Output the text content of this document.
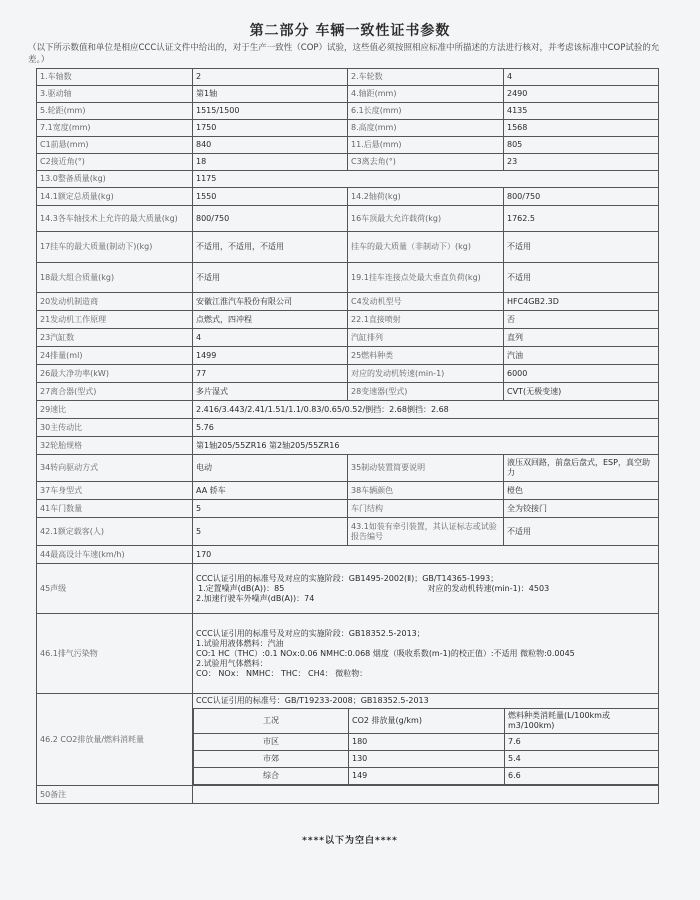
第二部分 车辆一致性证书参数
（以下所示数值和单位是相应CCC认证文件中给出的，对于生产一致性（COP）试验，这些值必须按照相应标准中所描述的方法进行核对，并考虑该标准中COP试验的允差。）
1.车轴数	2	2.车轮数	4
3.驱动轴	第1轴	4.轴距(mm)	2490
5.轮距(mm)	1515/1500	6.1长度(mm)	4135
7.1宽度(mm)	1750	8.高度(mm)	1568
C1前悬(mm)	840	11.后悬(mm)	805
C2接近角(°)	18	C3离去角(°)	23
13.0整备质量(kg)	1175
14.1额定总质量(kg)	1550	14.2轴荷(kg)	800/750
14.3各车轴技术上允许的最大质量(kg)	800/750	16车顶最大允许载荷(kg)	1762.5
17挂车的最大质量(制动下)(kg)	不适用，不适用，不适用	挂车的最大质量（非制动下）(kg)	不适用
18最大组合质量(kg)	不适用	19.1挂车连接点处最大垂直负荷(kg)	不适用
20发动机制造商	安徽江淮汽车股份有限公司	C4发动机型号	HFC4GB2.3D
21发动机工作原理	点燃式，四冲程	22.1直接喷射	否
23汽缸数	4	汽缸排列	直列
24排量(ml)	1499	25燃料种类	汽油
26最大净功率(kW)	77	对应的发动机转速(min-1)	6000
27离合器(型式)	多片湿式	28变速器(型式)	CVT(无极变速)
29速比	2.416/3.443/2.41/1.51/1.1/0.83/0.65/0.52/倒挡：2.68倒挡：2.68
30主传动比	5.76
32轮胎规格	第1轴205/55ZR16 第2轴205/55ZR16
34转向驱动方式	电动	35制动装置简要说明	液压双回路，前盘后盘式，ESP，真空助力
37车身型式	AA 轿车	38车辆颜色	橙色
41车门数量	5	车门结构	全为铰接门
42.1额定载客(人)	5	43.1如装有牵引装置，其认证标志或试验报告编号	不适用
44最高设计车速(km/h)	170
45声级	
CCC认证引用的标准号及对应的实施阶段：GB1495-2002(Ⅱ)；GB/T14365-1993；
1.定置噪声(dB(A))：85	对应的发动机转速(min-1)：4503
2.加速行驶车外噪声(dB(A))：74

46.1排气污染物	
CCC认证引用的标准号及对应的实施阶段：GB18352.5-2013；
1.试验用液体燃料：汽油
CO:1 HC（THC）:0.1 NOx:0.06 NMHC:0.068 烟度（吸收系数(m-1)的校正值）:不适用 微粒物:0.0045
2.试验用气体燃料：
CO： NOx： NMHC： THC： CH4： 微粒物：

46.2 CO2排放量/燃料消耗量	
CCC认证引用的标准号：GB/T19233-2008；GB18352.5-2013
工况	CO2 排放量(g/km)	燃料种类消耗量(L/100km或m3/100km)
市区	180	7.6
市郊	130	5.4
综合	149	6.6

50备注	
****以下为空白****
